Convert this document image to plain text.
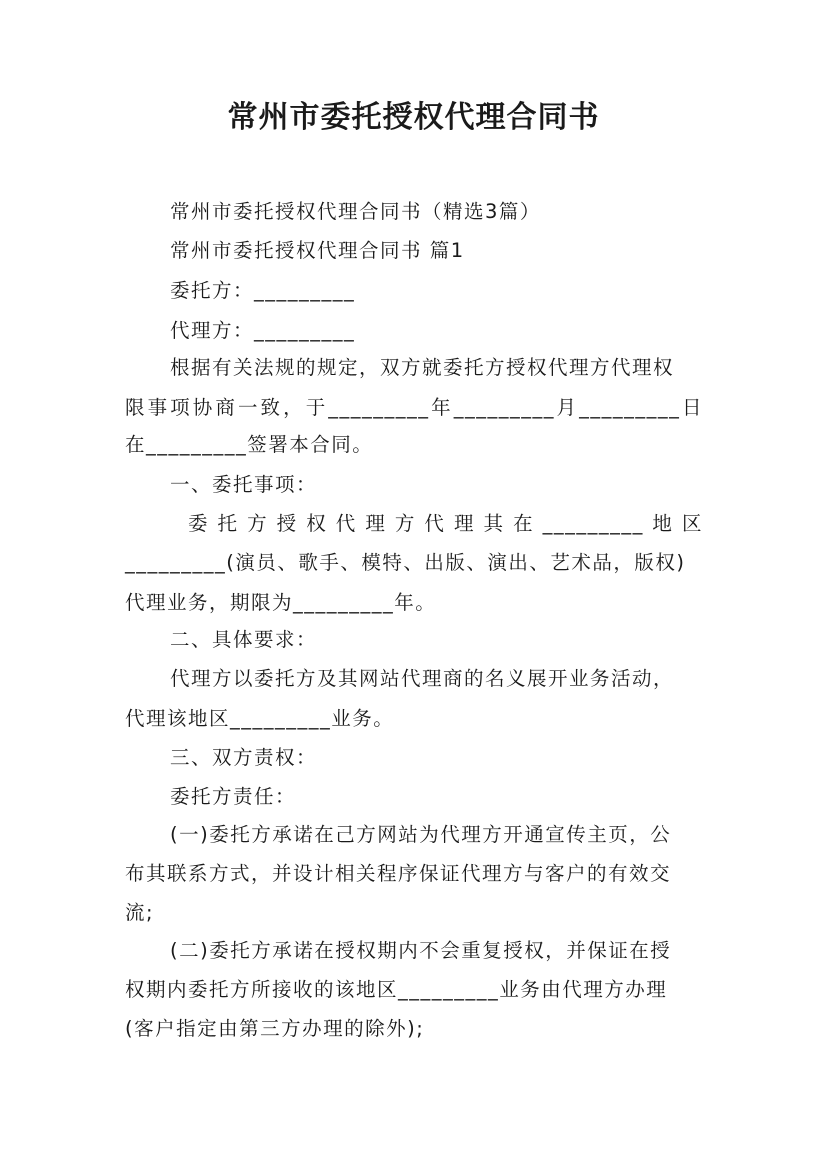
常州市委托授权代理合同书
常州市委托授权代理合同书（精选3篇）
常州市委托授权代理合同书 篇1
委托方：_________
代理方：_________
根据有关法规的规定，双方就委托方授权代理方代理权
限事项协商一致，于_________年_________月_________日
在_________签署本合同。
一、委托事项：
委托方授权代理方代理其在_________地区
_________(演员、歌手、模特、出版、演出、艺术品，版权)
代理业务，期限为_________年。
二、具体要求：
代理方以委托方及其网站代理商的名义展开业务活动，
代理该地区_________业务。
三、双方责权：
委托方责任：
(一)委托方承诺在己方网站为代理方开通宣传主页，公
布其联系方式，并设计相关程序保证代理方与客户的有效交
流;
(二)委托方承诺在授权期内不会重复授权，并保证在授
权期内委托方所接收的该地区_________业务由代理方办理
(客户指定由第三方办理的除外);
